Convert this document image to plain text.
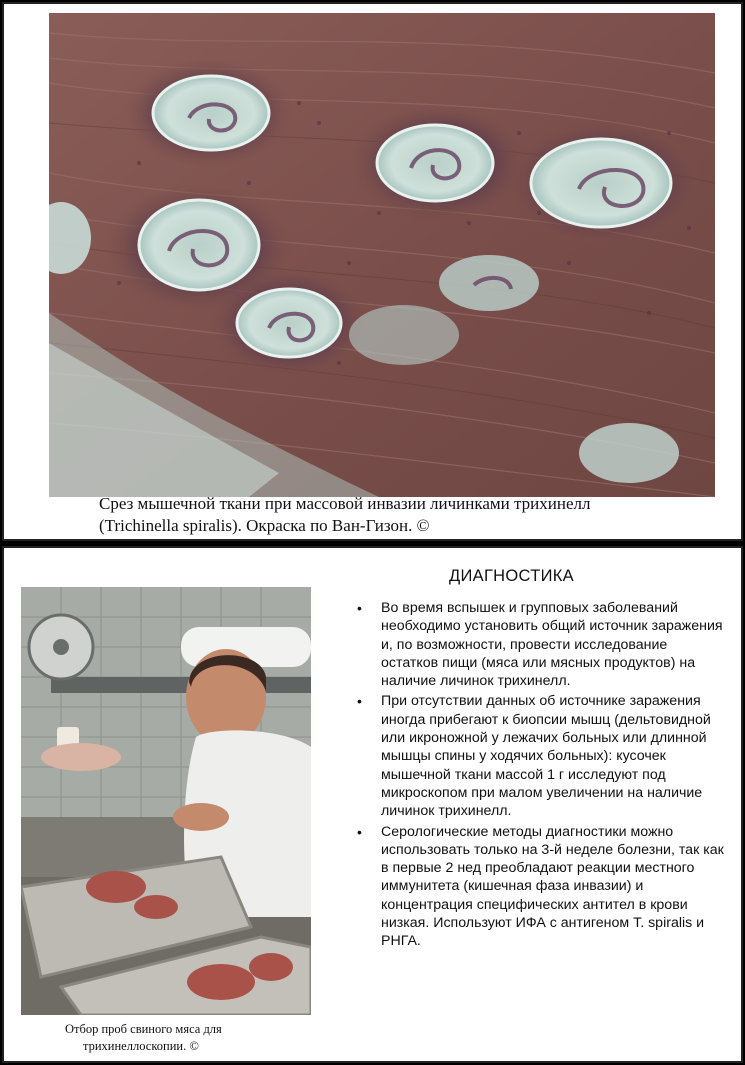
Срез мышечной ткани при массовой инвазии личинками трихинелл
(Trichinella spiralis). Окраска по Ван-Гизон. ©
Отбор проб свиного мяса для
трихинеллоскопии. ©
ДИАГНОСТИКА
• Во время вспышек и групповых заболеваний необходимо установить общий источник заражения и, по возможности, провести исследование остатков пищи (мяса или мясных продуктов) на наличие личинок трихинелл.
• При отсутствии данных об источнике заражения иногда прибегают к биопсии мышц (дельтовидной или икроножной у лежачих больных или длинной мышцы спины у ходячих больных): кусочек мышечной ткани массой 1 г исследуют под микроскопом при малом увеличении на наличие личинок трихинелл.
• Серологические методы диагностики можно использовать только на 3-й неделе болезни, так как в первые 2 нед преобладают реакции местного иммунитета (кишечная фаза инвазии) и концентрация специфических антител в крови низкая. Используют ИФА с антигеном T. spiralis и РНГА.
